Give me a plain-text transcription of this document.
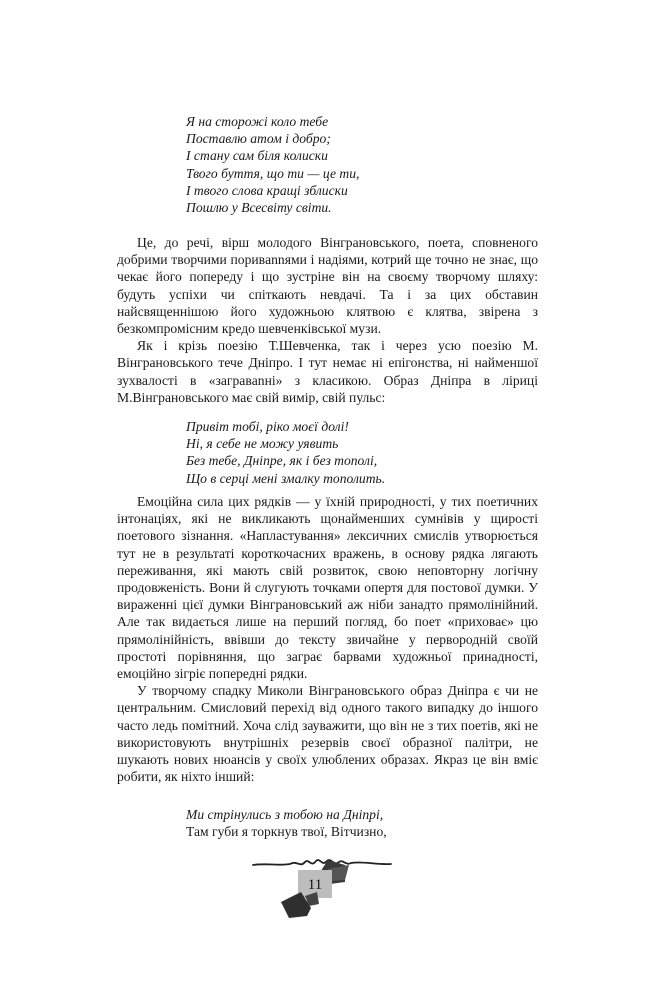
Я на сторожі коло тебе
Поставлю атом і добро;
І стану сам біля колиски
Твого буття, що ти — це ти,
І твого слова кращі зблиски
Пошлю у Всесвіту світи.

Це, до речі, вірш молодого Вінграновського, поета, сповненого добрими творчими поривannями і надіями, котрий ще точно не знає, що чекає його попереду і що зустріне він на своєму творчому шляху: будуть успіхи чи спіткають невдачі. Та і за цих обставин найсвященнішою його художньою клятвою є клятва, звірена з безкомпромісним кредо шевченківської музи.

Як і крізь поезію Т.Шевченка, так і через усю поезію М. Вінграновського тече Дніпро. І тут немає ні епігонства, ні найменшої зухвалості в «загравanні» з класикою. Образ Дніпра в ліриці М.Вінграновського має свій вимір, свій пульс:

Привіт тобі, ріко моєї долі!
Ні, я себе не можу уявить
Без тебе, Дніпре, як і без тополі,
Що в серці мені змалку тополить.

Емоційна сила цих рядків — у їхній природності, у тих поетичних інтонаціях, які не викликають щонайменших сумнівів у щирості поетового зізнання. «Напластування» лексичних смислів утворюється тут не в результаті короткочасних вражень, в основу рядка лягають переживання, які мають свій розвиток, свою неповторну логічну продовженість. Вони й слугують точками опертя для постової думки. У вираженні цієї думки Вінграновський аж ніби занадто прямолінійний. Але так видається лише на перший погляд, бо поет «приховає» цю прямолінійність, ввівши до тексту звичайне у первородній своїй простоті порівняння, що заграє барвами художньої принадності, емоційно зігріє попередні рядки.

У творчому спадку Миколи Вінграновського образ Дніпра є чи не центральним. Смисловий перехід від одного такого випадку до іншого часто ледь помітний. Хоча слід зауважити, що він не з тих поетів, які не використовують внутрішніх резервів своєї образної палітри, не шукають нових нюансів у своїх улюблених образах. Якраз це він вміє робити, як ніхто інший:

Ми стрінулись з тобою на Дніпрі,
Там губи я торкнув твої, Вітчизно,
11
